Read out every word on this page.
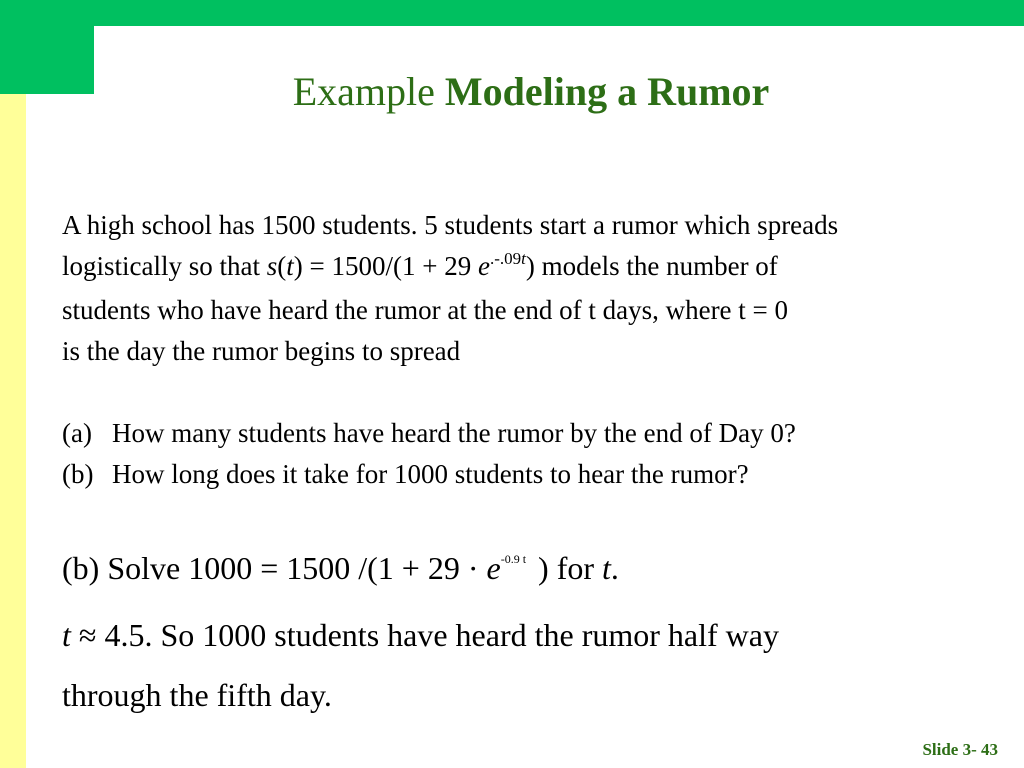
Example Modeling a Rumor

A high school has 1500 students. 5 students start a rumor which spreads

logistically so that s(t) = 1500/(1 + 29 $e^{.-.09t}$) models the number of

students who have heard the rumor at the end of t days, where t = 0

is the day the rumor begins to spread

(a) How many students have heard the rumor by the end of Day 0?
(b) How long does it take for 1000 students to hear the rumor?

(b) Solve 1000 = 1500 $/(1 + 29 \cdot e^{-0.9 t}$ ) for t.

t ≈ 4.5. So 1000 students have heard the rumor half way

through the fifth day.

Slide 3- 43
